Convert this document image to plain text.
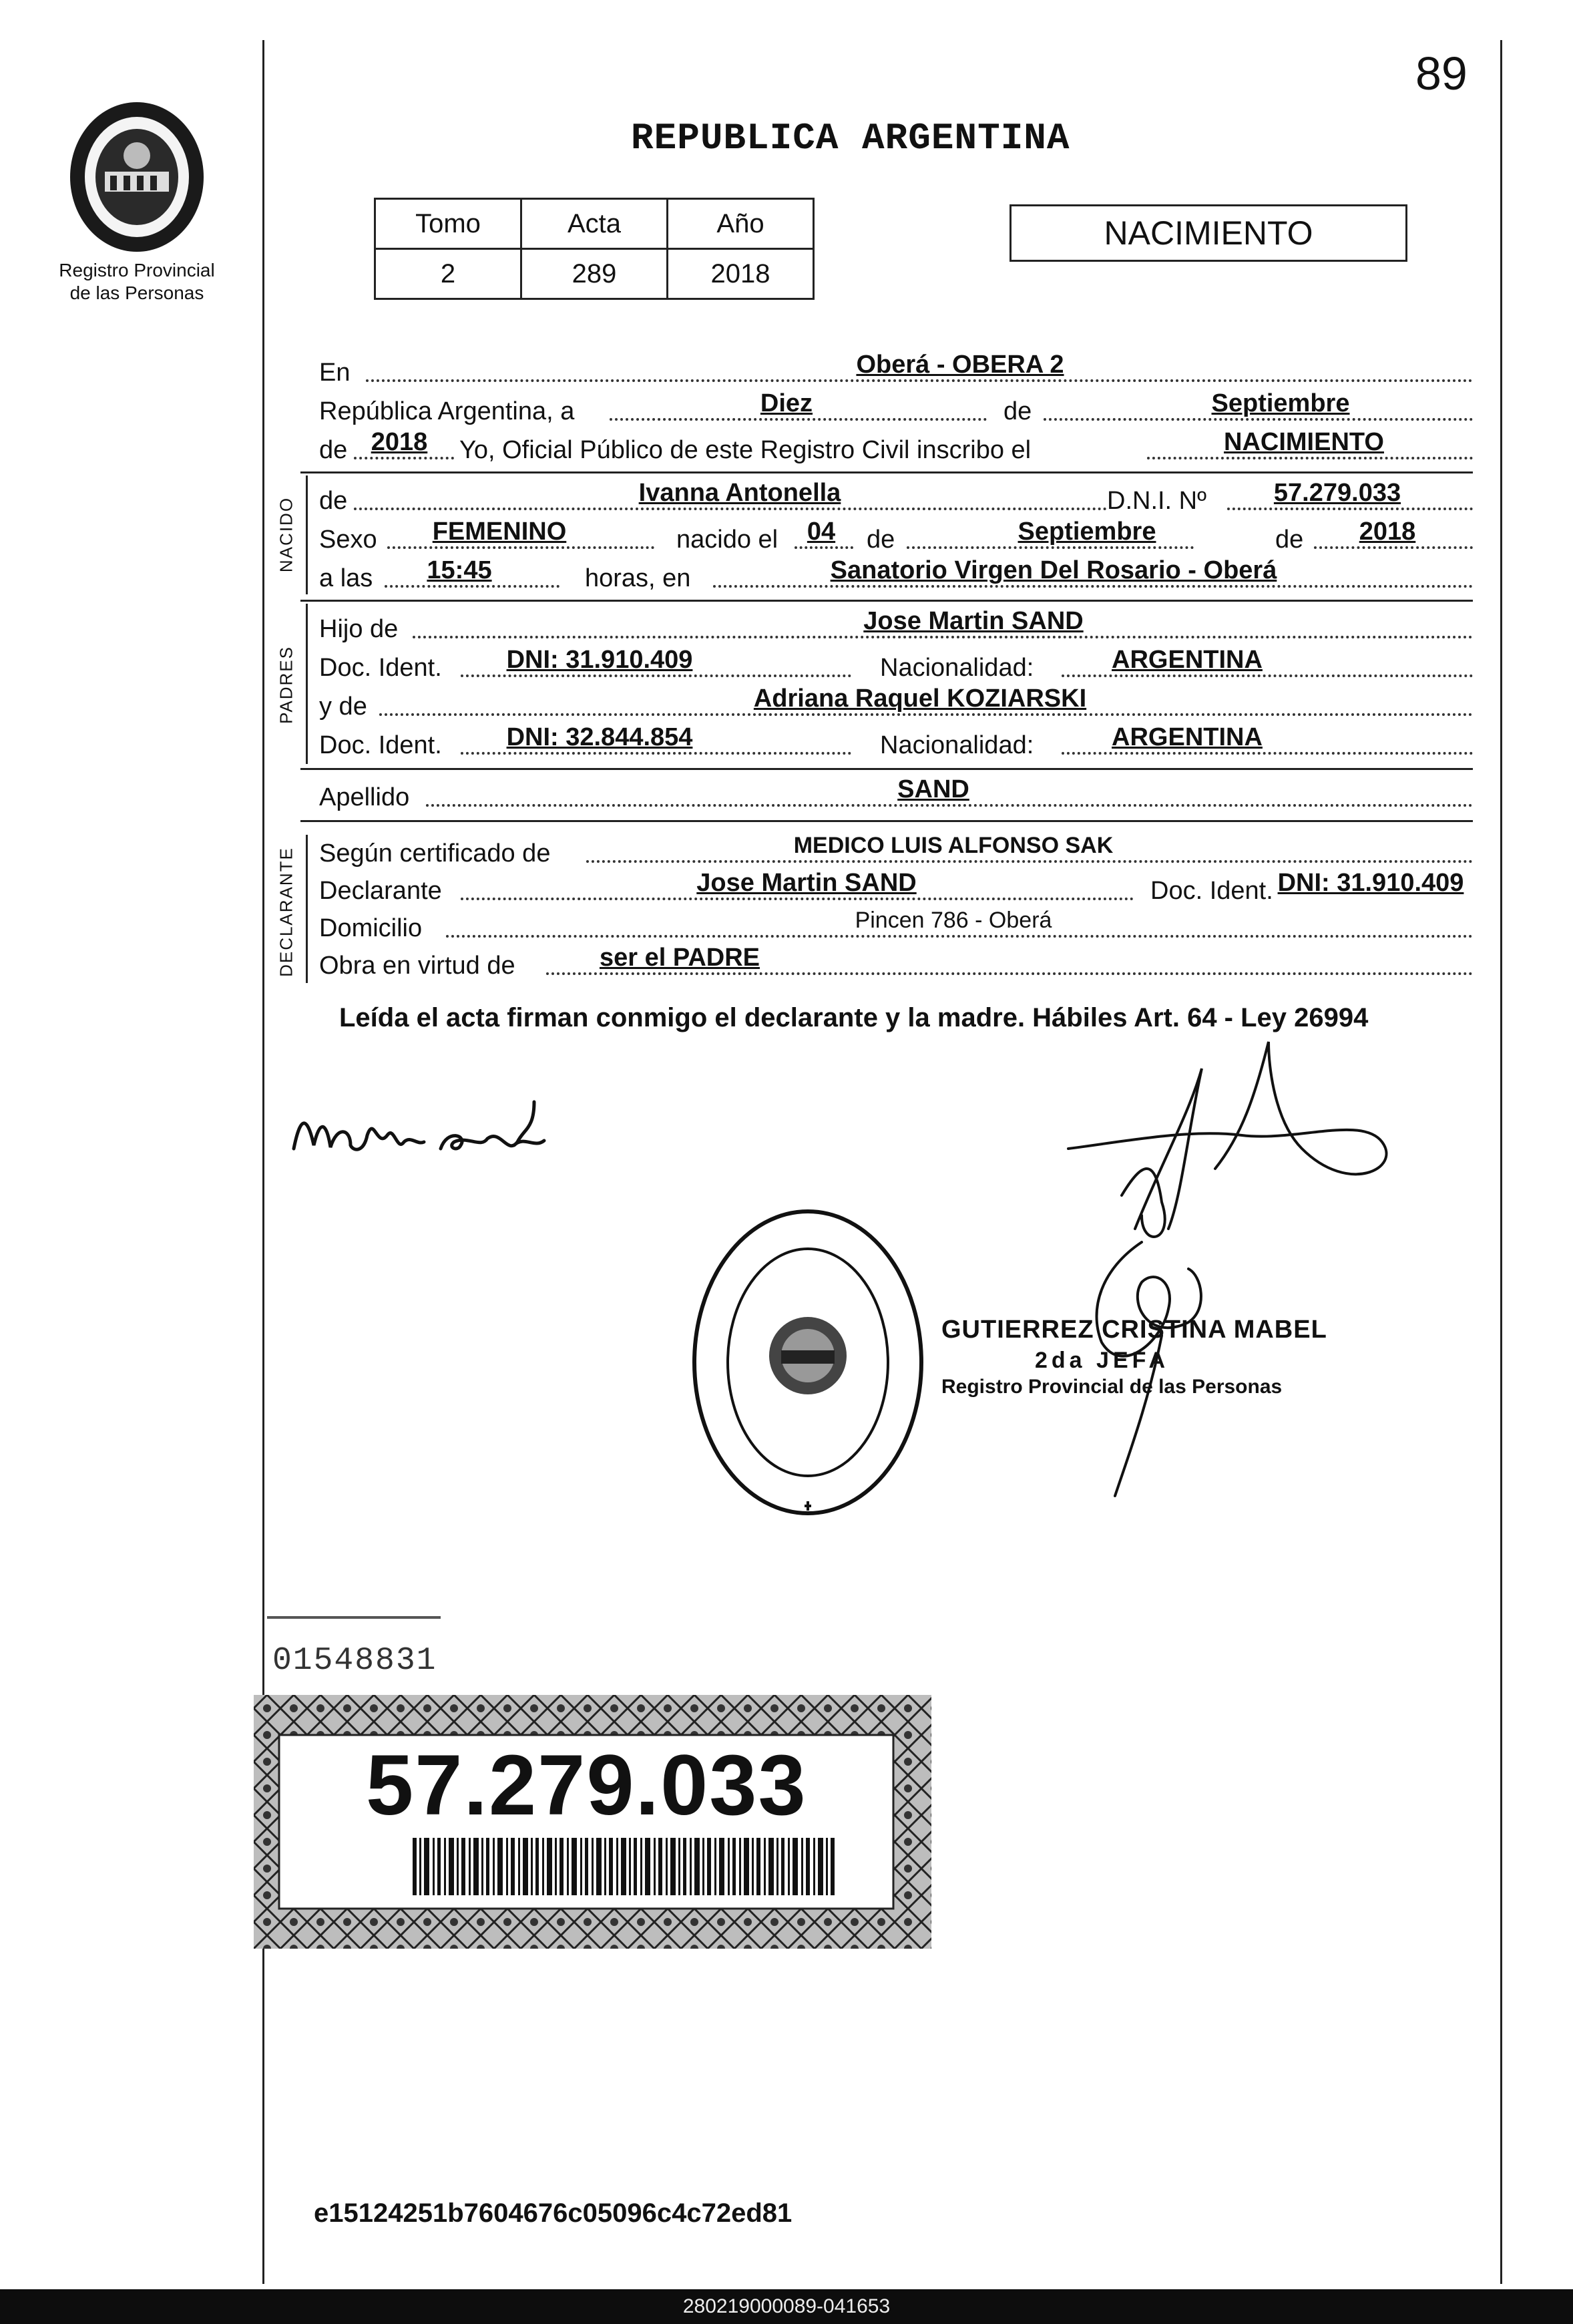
89
Registro Provincial
de las Personas
REPUBLICA ARGENTINA
Tomo	Acta	Año
2	289	2018
NACIMIENTO
En	Oberá - OBERA 2
República Argentina, a	Diez	de	Septiembre
de 2018	Yo, Oficial Público de este Registro Civil inscribo el	NACIMIENTO
NACIDO de	Ivanna Antonella	D.N.I. Nº	57.279.033
Sexo	FEMENINO	nacido el	04	de	Septiembre	de	2018
a las	15:45	horas, en	Sanatorio Virgen Del Rosario - Oberá
PADRES
Hijo de	Jose Martin SAND
Doc. Ident.	DNI: 31.910.409	Nacionalidad:	ARGENTINA
y de	Adriana Raquel KOZIARSKI
Doc. Ident.	DNI: 32.844.854	Nacionalidad:	ARGENTINA
Apellido	SAND
DECLARANTE Según certificado de	MEDICO LUIS ALFONSO SAK
Declarante	Jose Martin SAND	Doc. Ident. DNI: 31.910.409
Domicilio	Pincen 786 - Oberá
Obra en virtud de	ser el PADRE
Leída el acta firman conmigo el declarante y la madre. Hábiles Art. 64 - Ley 26994
GUTIERREZ CRISTINA MABEL
2da JEFA
Registro Provincial de las Personas
01548831
57.279.033
e15124251b7604676c05096c4c72ed81
280219000089-041653
